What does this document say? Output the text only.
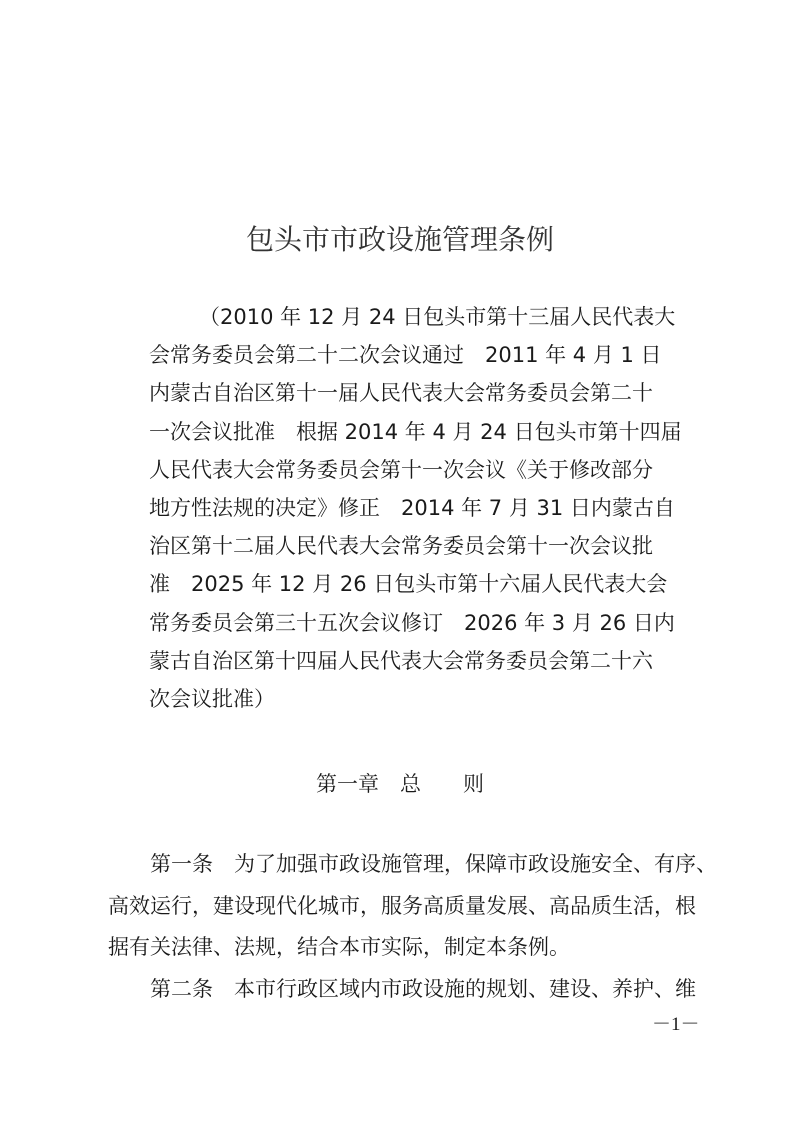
包头市市政设施管理条例
（2010 年 12 月 24 日包头市第十三届人民代表大
会常务委员会第二十二次会议通过　2011 年 4 月 1 日
内蒙古自治区第十一届人民代表大会常务委员会第二十
一次会议批准　根据 2014 年 4 月 24 日包头市第十四届
人民代表大会常务委员会第十一次会议《关于修改部分
地方性法规的决定》修正　2014 年 7 月 31 日内蒙古自
治区第十二届人民代表大会常务委员会第十一次会议批
准　2025 年 12 月 26 日包头市第十六届人民代表大会
常务委员会第三十五次会议修订　2026 年 3 月 26 日内
蒙古自治区第十四届人民代表大会常务委员会第二十六
次会议批准）
第一章　总　　则
第一条　为了加强市政设施管理，保障市政设施安全、有序、
高效运行，建设现代化城市，服务高质量发展、高品质生活，根
据有关法律、法规，结合本市实际，制定本条例。
第二条　本市行政区域内市政设施的规划、建设、养护、维
－1－
